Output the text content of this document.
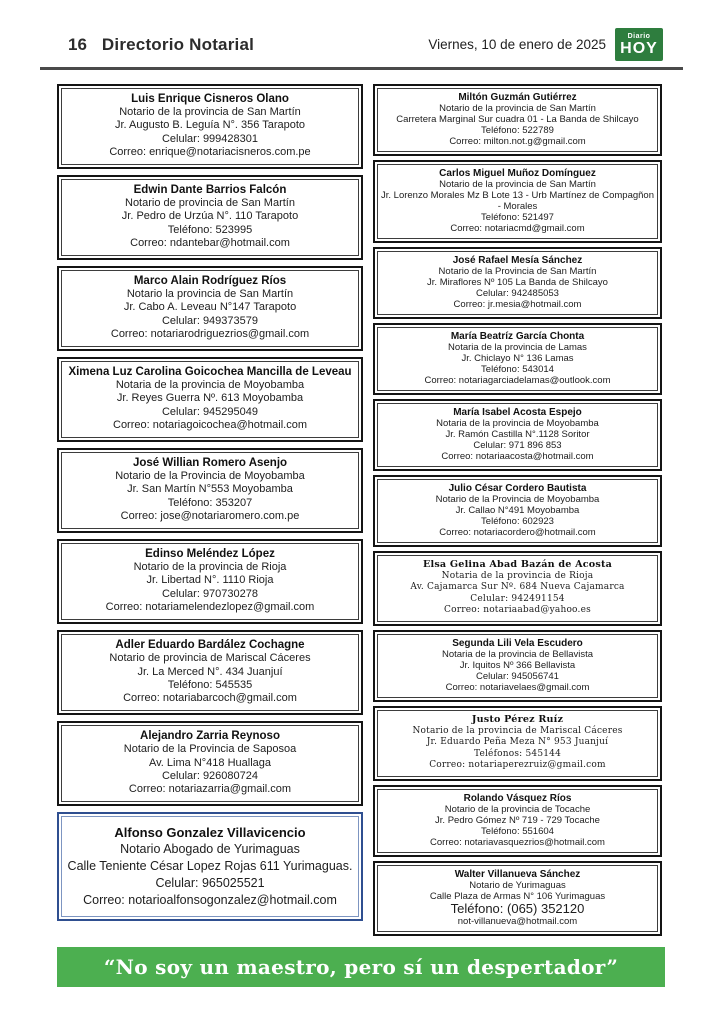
16 Directorio Notarial	Viernes, 10 de enero de 2025
Diario
HOY
Luis Enrique Cisneros Olano
Notario de la provincia de San Martín
Jr. Augusto B. Leguía N°. 356 Tarapoto
Celular: 999428301
Correo: enrique@notariacisneros.com.pe
Edwin Dante Barrios Falcón
Notario de provincia de San Martín
Jr. Pedro de Urzúa N°. 110 Tarapoto
Teléfono: 523995
Correo: ndantebar@hotmail.com
Marco Alain Rodríguez Ríos
Notario la provincia de San Martín
Jr. Cabo A. Leveau N°147 Tarapoto
Celular: 949373579
Correo: notariarodriguezrios@gmail.com
Ximena Luz Carolina Goicochea Mancilla de Leveau
Notaria de la provincia de Moyobamba
Jr. Reyes Guerra Nº. 613 Moyobamba
Celular: 945295049
Correo: notariagoicochea@hotmail.com
José Willian Romero Asenjo
Notario de la Provincia de Moyobamba
Jr. San Martín N°553 Moyobamba
Teléfono: 353207
Correo: jose@notariaromero.com.pe
Edinso Meléndez López
Notario de la provincia de Rioja
Jr. Libertad N°. 1110 Rioja
Celular: 970730278
Correo: notariamelendezlopez@gmail.com
Adler Eduardo Bardález Cochagne
Notario de provincia de Mariscal Cáceres
Jr. La Merced N°. 434 Juanjuí
Teléfono: 545535
Correo: notariabarcoch@gmail.com
Alejandro Zarria Reynoso
Notario de la Provincia de Saposoa
Av. Lima N°418 Huallaga
Celular: 926080724
Correo: notariazarria@gmail.com
Alfonso Gonzalez Villavicencio
Notario Abogado de Yurimaguas
Calle Teniente César Lopez Rojas 611 Yurimaguas.
Celular: 965025521
Correo: notarioalfonsogonzalez@hotmail.com
Miltón Guzmán Gutiérrez
Notario de la provincia de San Martín
Carretera Marginal Sur cuadra 01 - La Banda de Shilcayo
Teléfono: 522789
Correo: milton.not.g@gmail.com
Carlos Miguel Muñoz Domínguez
Notario de la provincia de San Martín
Jr. Lorenzo Morales Mz B Lote 13 - Urb Martínez de Compagñon - Morales
Teléfono: 521497
Correo: notariacmd@gmail.com
José Rafael Mesía Sánchez
Notario de la Provincia de San Martín
Jr. Miraflores Nº 105 La Banda de Shilcayo
Celular: 942485053
Correo: jr.mesia@hotmail.com
María Beatríz García Chonta
Notaria de la provincia de Lamas
Jr. Chiclayo N° 136 Lamas
Teléfono: 543014
Correo: notariagarciadelamas@outlook.com
María Isabel Acosta Espejo
Notaria de la provincia de Moyobamba
Jr. Ramón Castilla N°.1128 Soritor
Celular: 971 896 853
Correo: notariaacosta@hotmail.com
Julio César Cordero Bautista
Notario de la Provincia de Moyobamba
Jr. Callao N°491 Moyobamba
Teléfono: 602923
Correo: notariacordero@hotmail.com
Elsa Gelina Abad Bazán de Acosta
Notaria de la provincia de Rioja
Av. Cajamarca Sur Nº. 684 Nueva Cajamarca
Celular: 942491154
Correo: notariaabad@yahoo.es
Segunda Lili Vela Escudero
Notaria de la provincia de Bellavista
Jr. Iquitos Nº 366 Bellavista
Celular: 945056741
Correo: notariavelaes@gmail.com
Justo Pérez Ruíz
Notario de la provincia de Mariscal Cáceres
Jr. Eduardo Peña Meza N° 953 Juanjuí
Teléfonos: 545144
Correo: notariaperezruiz@gmail.com
Rolando Vásquez Ríos
Notario de la provincia de Tocache
Jr. Pedro Gómez Nº 719 - 729 Tocache
Teléfono: 551604
Correo: notariavasquezrios@hotmail.com
Walter Villanueva Sánchez
Notario de Yurimaguas
Calle Plaza de Armas N° 106 Yurimaguas
Teléfono: (065) 352120
not-villanueva@hotmail.com
“No soy un maestro, pero sí un despertador”
